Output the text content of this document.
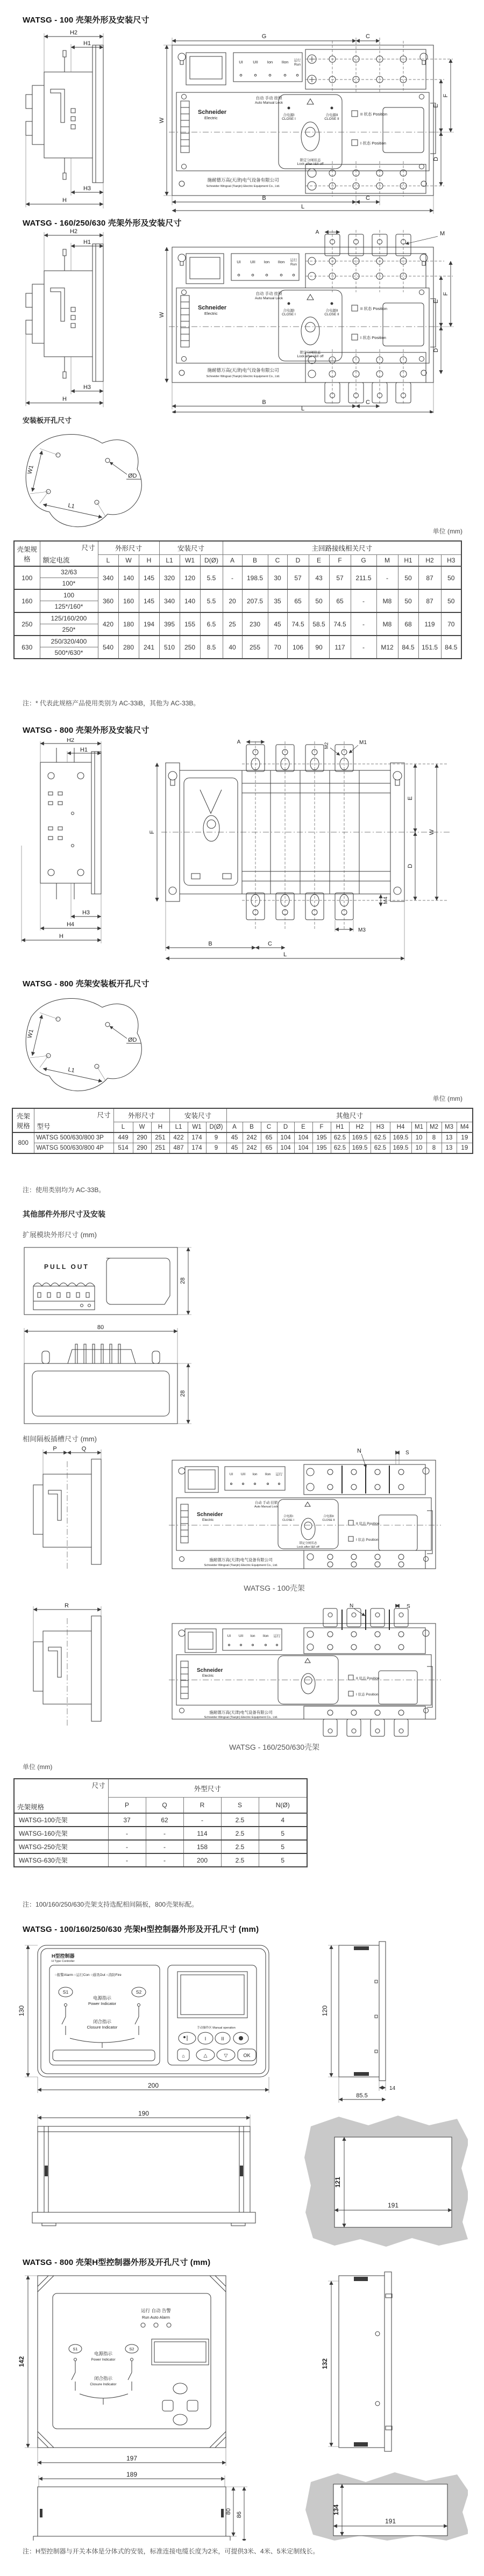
WATSG - 100 壳架外形及安装尺寸
H2
H1
H3
H
UI UII Ion IIon 运行
Run
Schneider
Electric
自动 手动 挂锁
Auto Manual Lock
合电源I
CLOSE I
合电源II
CLOSE II
锁定分闸状态
Lock after I&II off
II 状态 Position
I 状态 Position
施耐德万高(天津)电气设备有限公司
Schneider Wingoal (Tianjin) Electric Equipment Co., Ltd.
G	C
W
E
F
D
B	C
L
WATSG - 160/250/630 壳架外形及安装尺寸
H2
H1
H3
H
UI UII Ion IIon 运行
Run
Schneider
Electric
自动 手动 挂锁
Auto Manual Lock
合电源I
CLOSE I
合电源II
CLOSE II
锁定分闸状态
Lock after I&II off
II 状态 Position
I 状态 Position
施耐德万高(天津)电气设备有限公司
Schneider Wingoal (Tianjin) Electric Equipment Co., Ltd.
A	M
W
E
F
D
B	C
L
安装板开孔尺寸
W1
L1
ØD
单位 (mm)
壳架规格	尺寸
额定电流	外形尺寸			安装尺寸			主回路接线相关尺寸										
		L	W	H	L1	W1	D(Ø)	A	B	C	D	E	F	G	M	H1	H2	H3
100	32/63	340	140	145	320	120	5.5	-	198.5	30	57	43	57	211.5	-	50	87	50
	100*																	
160	100	360	160	145	340	140	5.5	20	207.5	35	65	50	65	-	M8	50	87	50
	125*/160*																	
250	125/160/200	420	180	194	395	155	6.5	25	230	45	74.5	58.5	74.5	-	M8	68	119	70
	250*																	
630	250/320/400	540	280	241	510	250	8.5	40	255	70	106	90	117	-	M12	84.5	151.5	84.5
	500*/630*																	
注：* 代表此规格产品使用类别为 AC-33iB，其他为 AC-33B。
WATSG - 800 壳架外形及安装尺寸
H2
H1
H3
H4
H
A
M2	M1
E
W
D
F
M4
M3
B	C
L
WATSG - 800 壳架安装板开孔尺寸
W1
L1
ØD
单位 (mm)
壳架规格	尺寸
型号	外形尺寸			安装尺寸			其他尺寸													
		L	W	H	L1	W1	D(Ø)	A	B	C	D	E	F	H1	H2	H3	H4	M1	M2	M3	M4
800	WATSG 500/630/800 3P	449	290	251	422	174	9	45	242	65	104	104	195	62.5	169.5	62.5	169.5	10	8	13	19
	WATSG 500/630/800 4P	514	290	251	487	174	9	45	242	65	104	104	195	62.5	169.5	62.5	169.5	10	8	13	19
注：使用类别均为 AC-33B。
其他部件外形尺寸及安装
扩展模块外形尺寸 (mm)
PULL OUT
28
80
28
相间隔板插槽尺寸 (mm)
P	Q
UI UII Ion IIon 运行
N	S
Schneider
Electric
自动 手动 挂锁
Auto Manual Lock
合电源I
CLOSE I
合电源II
CLOSE II
锁定分闸状态
Lock after I&II off
II 状态 Position
I 状态 Position
施耐德万高(天津)电气设备有限公司
Schneider Wingoal (Tianjin) Electric Equipment Co., Ltd.
WATSG - 100壳架
R	N	S
UI UII Ion IIon 运行
Schneider
Electric
II 状态 Position
I 状态 Position
施耐德万高(天津)电气设备有限公司
Schneider Wingoal (Tianjin) Electric Equipment Co., Ltd.
WATSG - 160/250/630壳架
单位 (mm)
尺寸
壳架规格	外型尺寸				
	P	Q	R	S	N(Ø)
WATSG-100壳架	37	62	-	2.5	4
WATSG-160壳架	-	-	114	2.5	5
WATSG-250壳架	-	-	158	2.5	5
WATSG-630壳架	-	-	200	2.5	5
注：100/160/250/630壳架支持选配相间隔板，800壳架标配。
WATSG - 100/160/250/630 壳架H型控制器外形及开孔尺寸 (mm)
H型控制器
H Type Controller
○报警Alarm ○运行Con ○通讯Out ○消防Fire
S1	S2
电源指示
Power Indicator
闭合指示
Closure Indicator	手动操作区 Manual operation
I	II
⌂	△	▽	OK
130
200
120
14
85.5
190
121
191
WATSG - 800 壳架H型控制器外形及开孔尺寸 (mm)
运行 自动 告警
Run Auto Alarm
S1	S2
电源指示
Power Indicator
闭合指示
Closure Indicator
142
197
132
189
80 86	134
191
注：H型控制器与开关本体是分体式的安装，标准连接电缆长度为2米，可提供3米、4米、5米定制线长。
